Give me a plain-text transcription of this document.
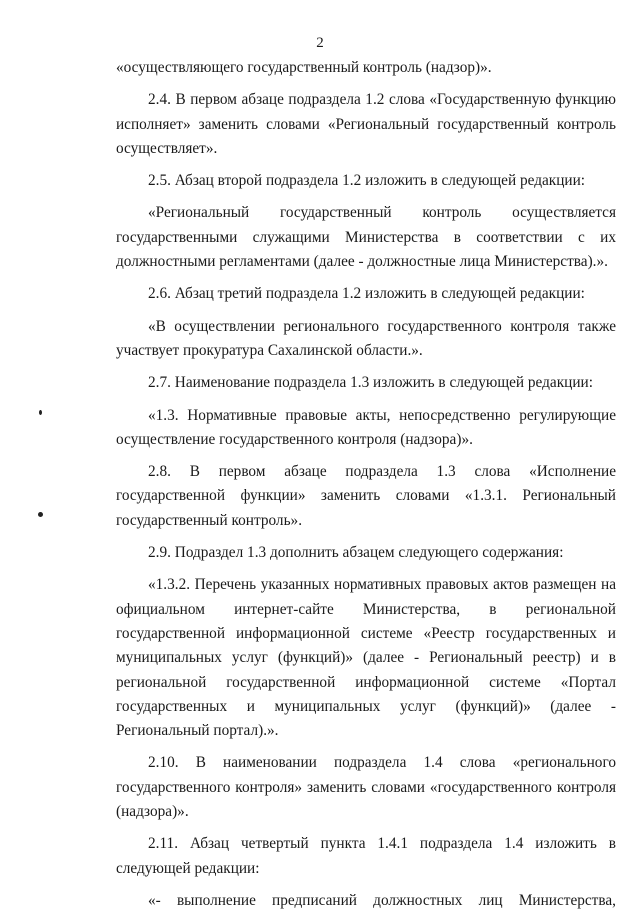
2

«осуществляющего государственный контроль (надзор)».

2.4. В первом абзаце подраздела 1.2 слова «Государственную функцию исполняет» заменить словами «Региональный государственный контроль осуществляет».

2.5. Абзац второй подраздела 1.2 изложить в следующей редакции:

«Региональный государственный контроль осуществляется государственными служащими Министерства в соответствии с их должностными регламентами (далее - должностные лица Министерства).».

2.6. Абзац третий подраздела 1.2 изложить в следующей редакции:

«В осуществлении регионального государственного контроля также участвует прокуратура Сахалинской области.».

2.7. Наименование подраздела 1.3 изложить в следующей редакции:

«1.3. Нормативные правовые акты, непосредственно регулирующие осуществление государственного контроля (надзора)».

2.8. В первом абзаце подраздела 1.3 слова «Исполнение государственной функции» заменить словами «1.3.1. Региональный государственный контроль».

2.9. Подраздел 1.3 дополнить абзацем следующего содержания:

«1.3.2. Перечень указанных нормативных правовых актов размещен на официальном интернет-сайте Министерства, в региональной государственной информационной системе «Реестр государственных и муниципальных услуг (функций)» (далее - Региональный реестр) и в региональной государственной информационной системе «Портал государственных и муниципальных услуг (функций)» (далее - Региональный портал).».

2.10. В наименовании подраздела 1.4 слова «регионального государственного контроля» заменить словами «государственного контроля (надзора)».

2.11. Абзац четвертый пункта 1.4.1 подраздела 1.4 изложить в следующей редакции:

«- выполнение предписаний должностных лиц Министерства,
